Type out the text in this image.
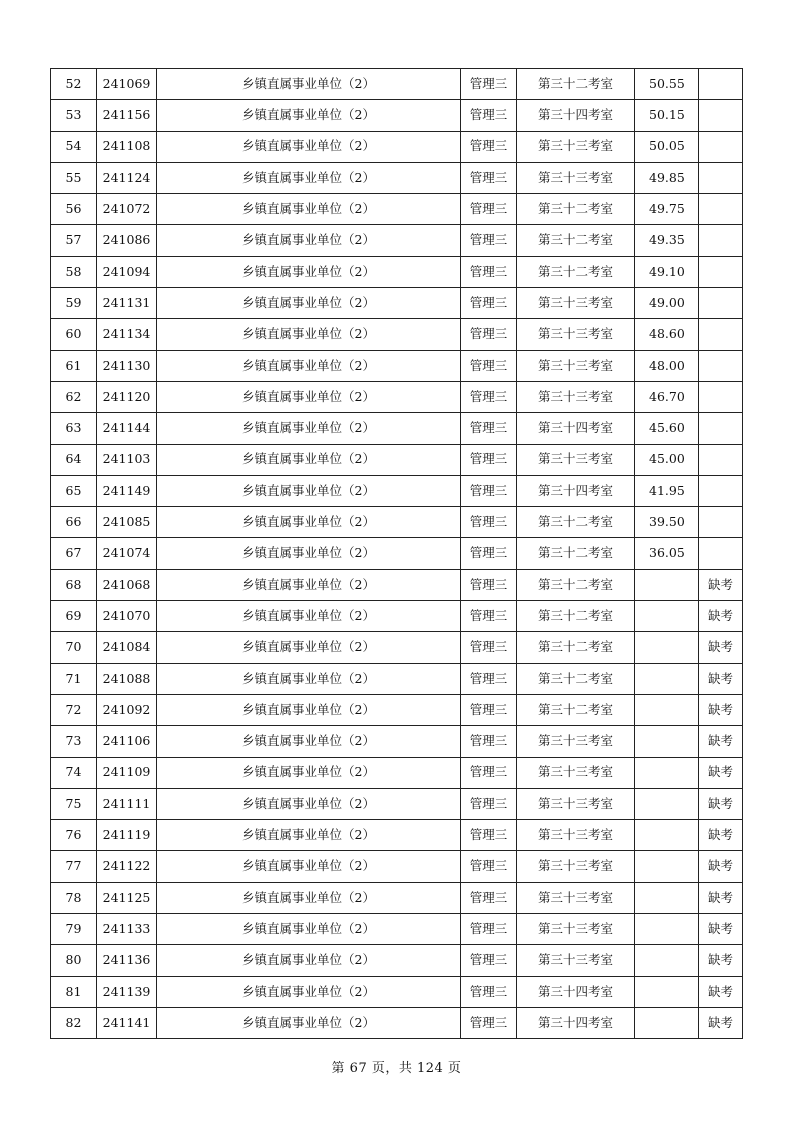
52	241069	乡镇直属事业单位（2）	管理三	第三十二考室	50.55	
53	241156	乡镇直属事业单位（2）	管理三	第三十四考室	50.15	
54	241108	乡镇直属事业单位（2）	管理三	第三十三考室	50.05	
55	241124	乡镇直属事业单位（2）	管理三	第三十三考室	49.85	
56	241072	乡镇直属事业单位（2）	管理三	第三十二考室	49.75	
57	241086	乡镇直属事业单位（2）	管理三	第三十二考室	49.35	
58	241094	乡镇直属事业单位（2）	管理三	第三十二考室	49.10	
59	241131	乡镇直属事业单位（2）	管理三	第三十三考室	49.00	
60	241134	乡镇直属事业单位（2）	管理三	第三十三考室	48.60	
61	241130	乡镇直属事业单位（2）	管理三	第三十三考室	48.00	
62	241120	乡镇直属事业单位（2）	管理三	第三十三考室	46.70	
63	241144	乡镇直属事业单位（2）	管理三	第三十四考室	45.60	
64	241103	乡镇直属事业单位（2）	管理三	第三十三考室	45.00	
65	241149	乡镇直属事业单位（2）	管理三	第三十四考室	41.95	
66	241085	乡镇直属事业单位（2）	管理三	第三十二考室	39.50	
67	241074	乡镇直属事业单位（2）	管理三	第三十二考室	36.05	
68	241068	乡镇直属事业单位（2）	管理三	第三十二考室		缺考
69	241070	乡镇直属事业单位（2）	管理三	第三十二考室		缺考
70	241084	乡镇直属事业单位（2）	管理三	第三十二考室		缺考
71	241088	乡镇直属事业单位（2）	管理三	第三十二考室		缺考
72	241092	乡镇直属事业单位（2）	管理三	第三十二考室		缺考
73	241106	乡镇直属事业单位（2）	管理三	第三十三考室		缺考
74	241109	乡镇直属事业单位（2）	管理三	第三十三考室		缺考
75	241111	乡镇直属事业单位（2）	管理三	第三十三考室		缺考
76	241119	乡镇直属事业单位（2）	管理三	第三十三考室		缺考
77	241122	乡镇直属事业单位（2）	管理三	第三十三考室		缺考
78	241125	乡镇直属事业单位（2）	管理三	第三十三考室		缺考
79	241133	乡镇直属事业单位（2）	管理三	第三十三考室		缺考
80	241136	乡镇直属事业单位（2）	管理三	第三十三考室		缺考
81	241139	乡镇直属事业单位（2）	管理三	第三十四考室		缺考
82	241141	乡镇直属事业单位（2）	管理三	第三十四考室		缺考
第 67 页，共 124 页
